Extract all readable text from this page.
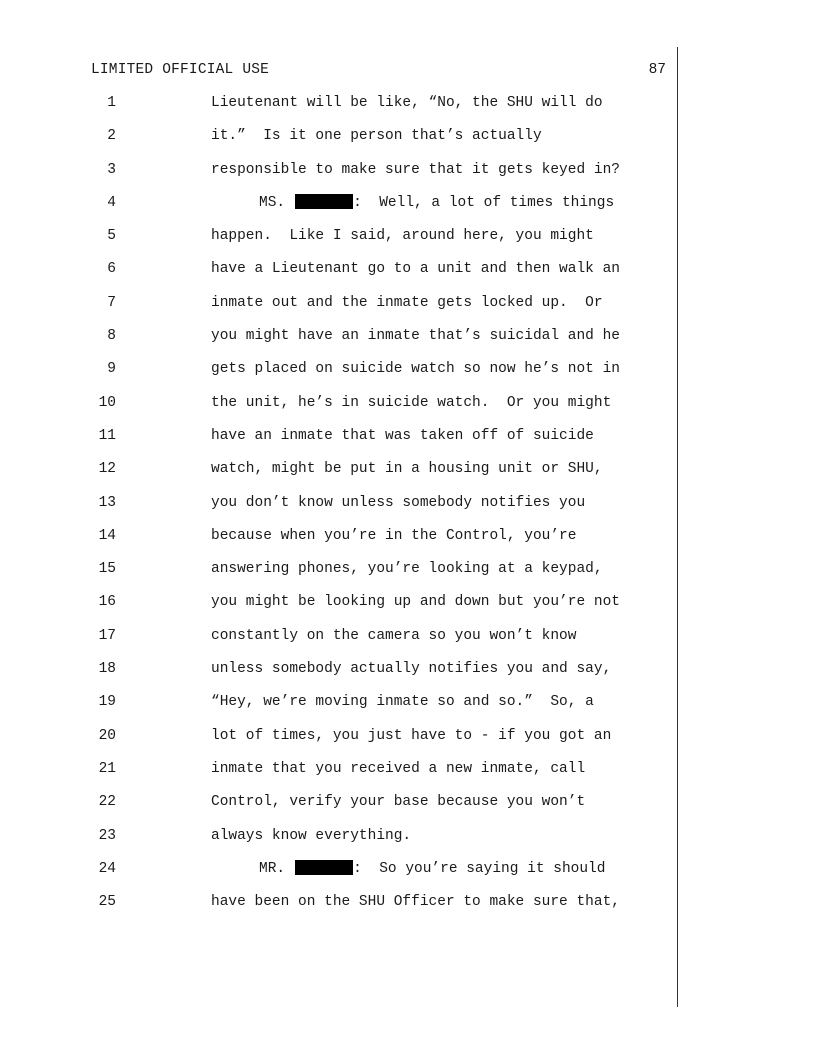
LIMITED OFFICIAL USE	87
1	Lieutenant will be like, “No, the SHU will do
2	it.”  Is it one person that’s actually
3	responsible to make sure that it gets keyed in?
4	MS.	:  Well, a lot of times things
5	happen.  Like I said, around here, you might
6	have a Lieutenant go to a unit and then walk an
7	inmate out and the inmate gets locked up.  Or
8	you might have an inmate that’s suicidal and he
9	gets placed on suicide watch so now he’s not in
10	the unit, he’s in suicide watch.  Or you might
11	have an inmate that was taken off of suicide
12	watch, might be put in a housing unit or SHU,
13	you don’t know unless somebody notifies you
14	because when you’re in the Control, you’re
15	answering phones, you’re looking at a keypad,
16	you might be looking up and down but you’re not
17	constantly on the camera so you won’t know
18	unless somebody actually notifies you and say,
19	“Hey, we’re moving inmate so and so.”  So, a
20	lot of times, you just have to - if you got an
21	inmate that you received a new inmate, call
22	Control, verify your base because you won’t
23	always know everything.
24	MR.	:  So you’re saying it should
25	have been on the SHU Officer to make sure that,
